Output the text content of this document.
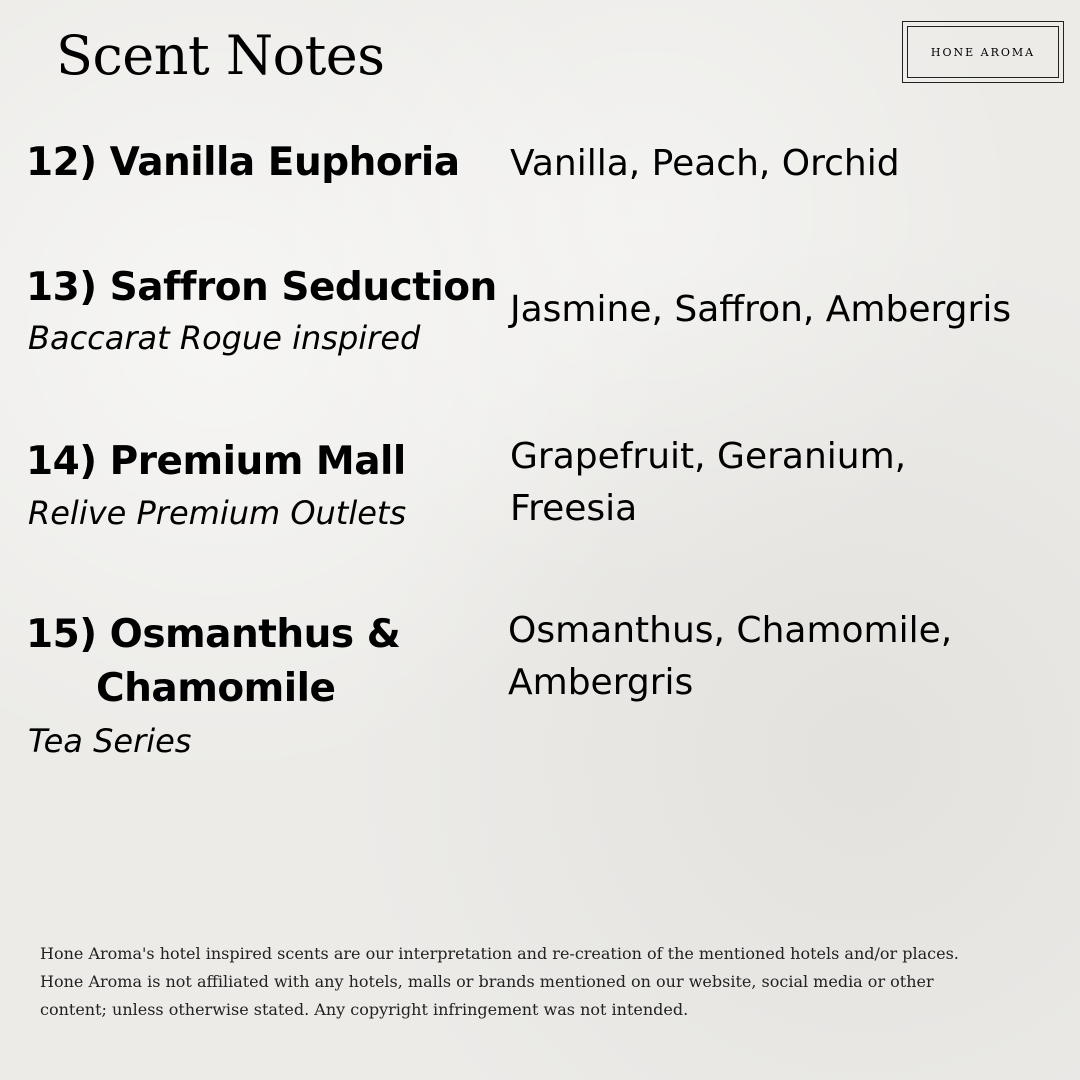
Scent Notes	HONE AROMA
12) Vanilla Euphoria Vanilla, Peach, Orchid
13) Saffron Seduction
Baccarat Rogue inspired
Jasmine, Saffron, Ambergris
14) Premium Mall
Relive Premium Outlets
Grapefruit, Geranium,
Freesia
15) Osmanthus &
Chamomile
Tea Series
Osmanthus, Chamomile,
Ambergris
Hone Aroma's hotel inspired scents are our interpretation and re-creation of the mentioned hotels and/or places.
Hone Aroma is not affiliated with any hotels, malls or brands mentioned on our website, social media or other
content; unless otherwise stated. Any copyright infringement was not intended.
